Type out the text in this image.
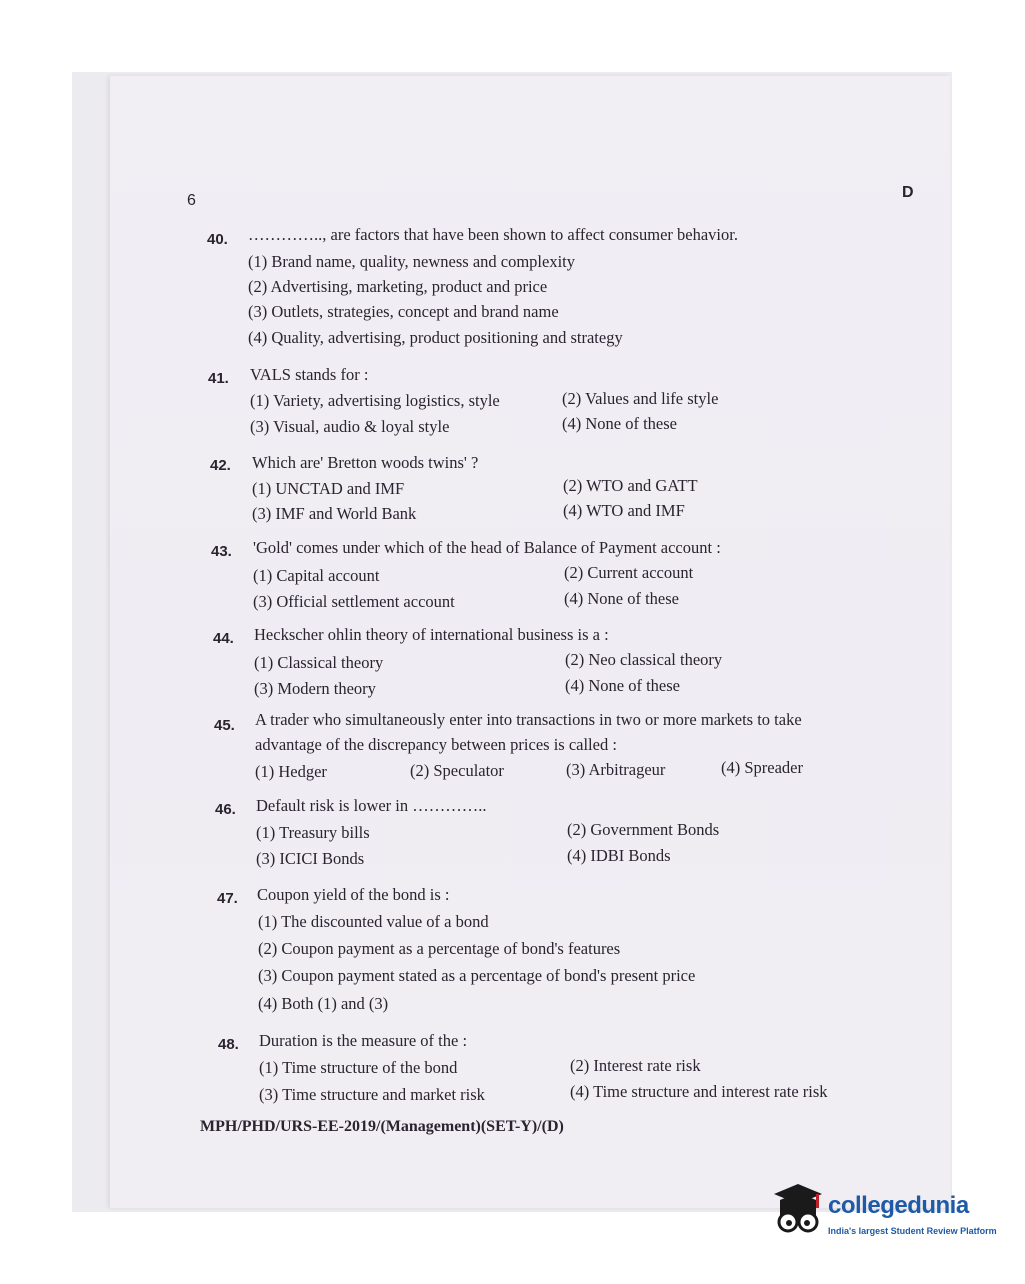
6	D
40. ………….., are factors that have been shown to affect consumer behavior.
(1) Brand name, quality, newness and complexity
(2) Advertising, marketing, product and price
(3) Outlets, strategies, concept and brand name
(4) Quality, advertising, product positioning and strategy
41. VALS stands for :
(1) Variety, advertising logistics, style	(2) Values and life style
(3) Visual, audio & loyal style	(4) None of these
42. Which are' Bretton woods twins' ?
(1) UNCTAD and IMF	(2) WTO and GATT
(3) IMF and World Bank	(4) WTO and IMF
43. 'Gold' comes under which of the head of Balance of Payment account :
(1) Capital account	(2) Current account
(3) Official settlement account	(4) None of these
44. Heckscher ohlin theory of international business is a :
(1) Classical theory	(2) Neo classical theory
(3) Modern theory	(4) None of these
45. A trader who simultaneously enter into transactions in two or more markets to take
advantage of the discrepancy between prices is called :
(1) Hedger	(2) Speculator	(3) Arbitrageur	(4) Spreader
46. Default risk is lower in …………..
(1) Treasury bills	(2) Government Bonds
(3) ICICI Bonds	(4) IDBI Bonds
47. Coupon yield of the bond is :
(1) The discounted value of a bond
(2) Coupon payment as a percentage of bond's features
(3) Coupon payment stated as a percentage of bond's present price
(4) Both (1) and (3)
48. Duration is the measure of the :
(1) Time structure of the bond	(2) Interest rate risk
(3) Time structure and market risk	(4) Time structure and interest rate risk
MPH/PHD/URS-EE-2019/(Management)(SET-Y)/(D)
collegedunia
India's largest Student Review Platform
